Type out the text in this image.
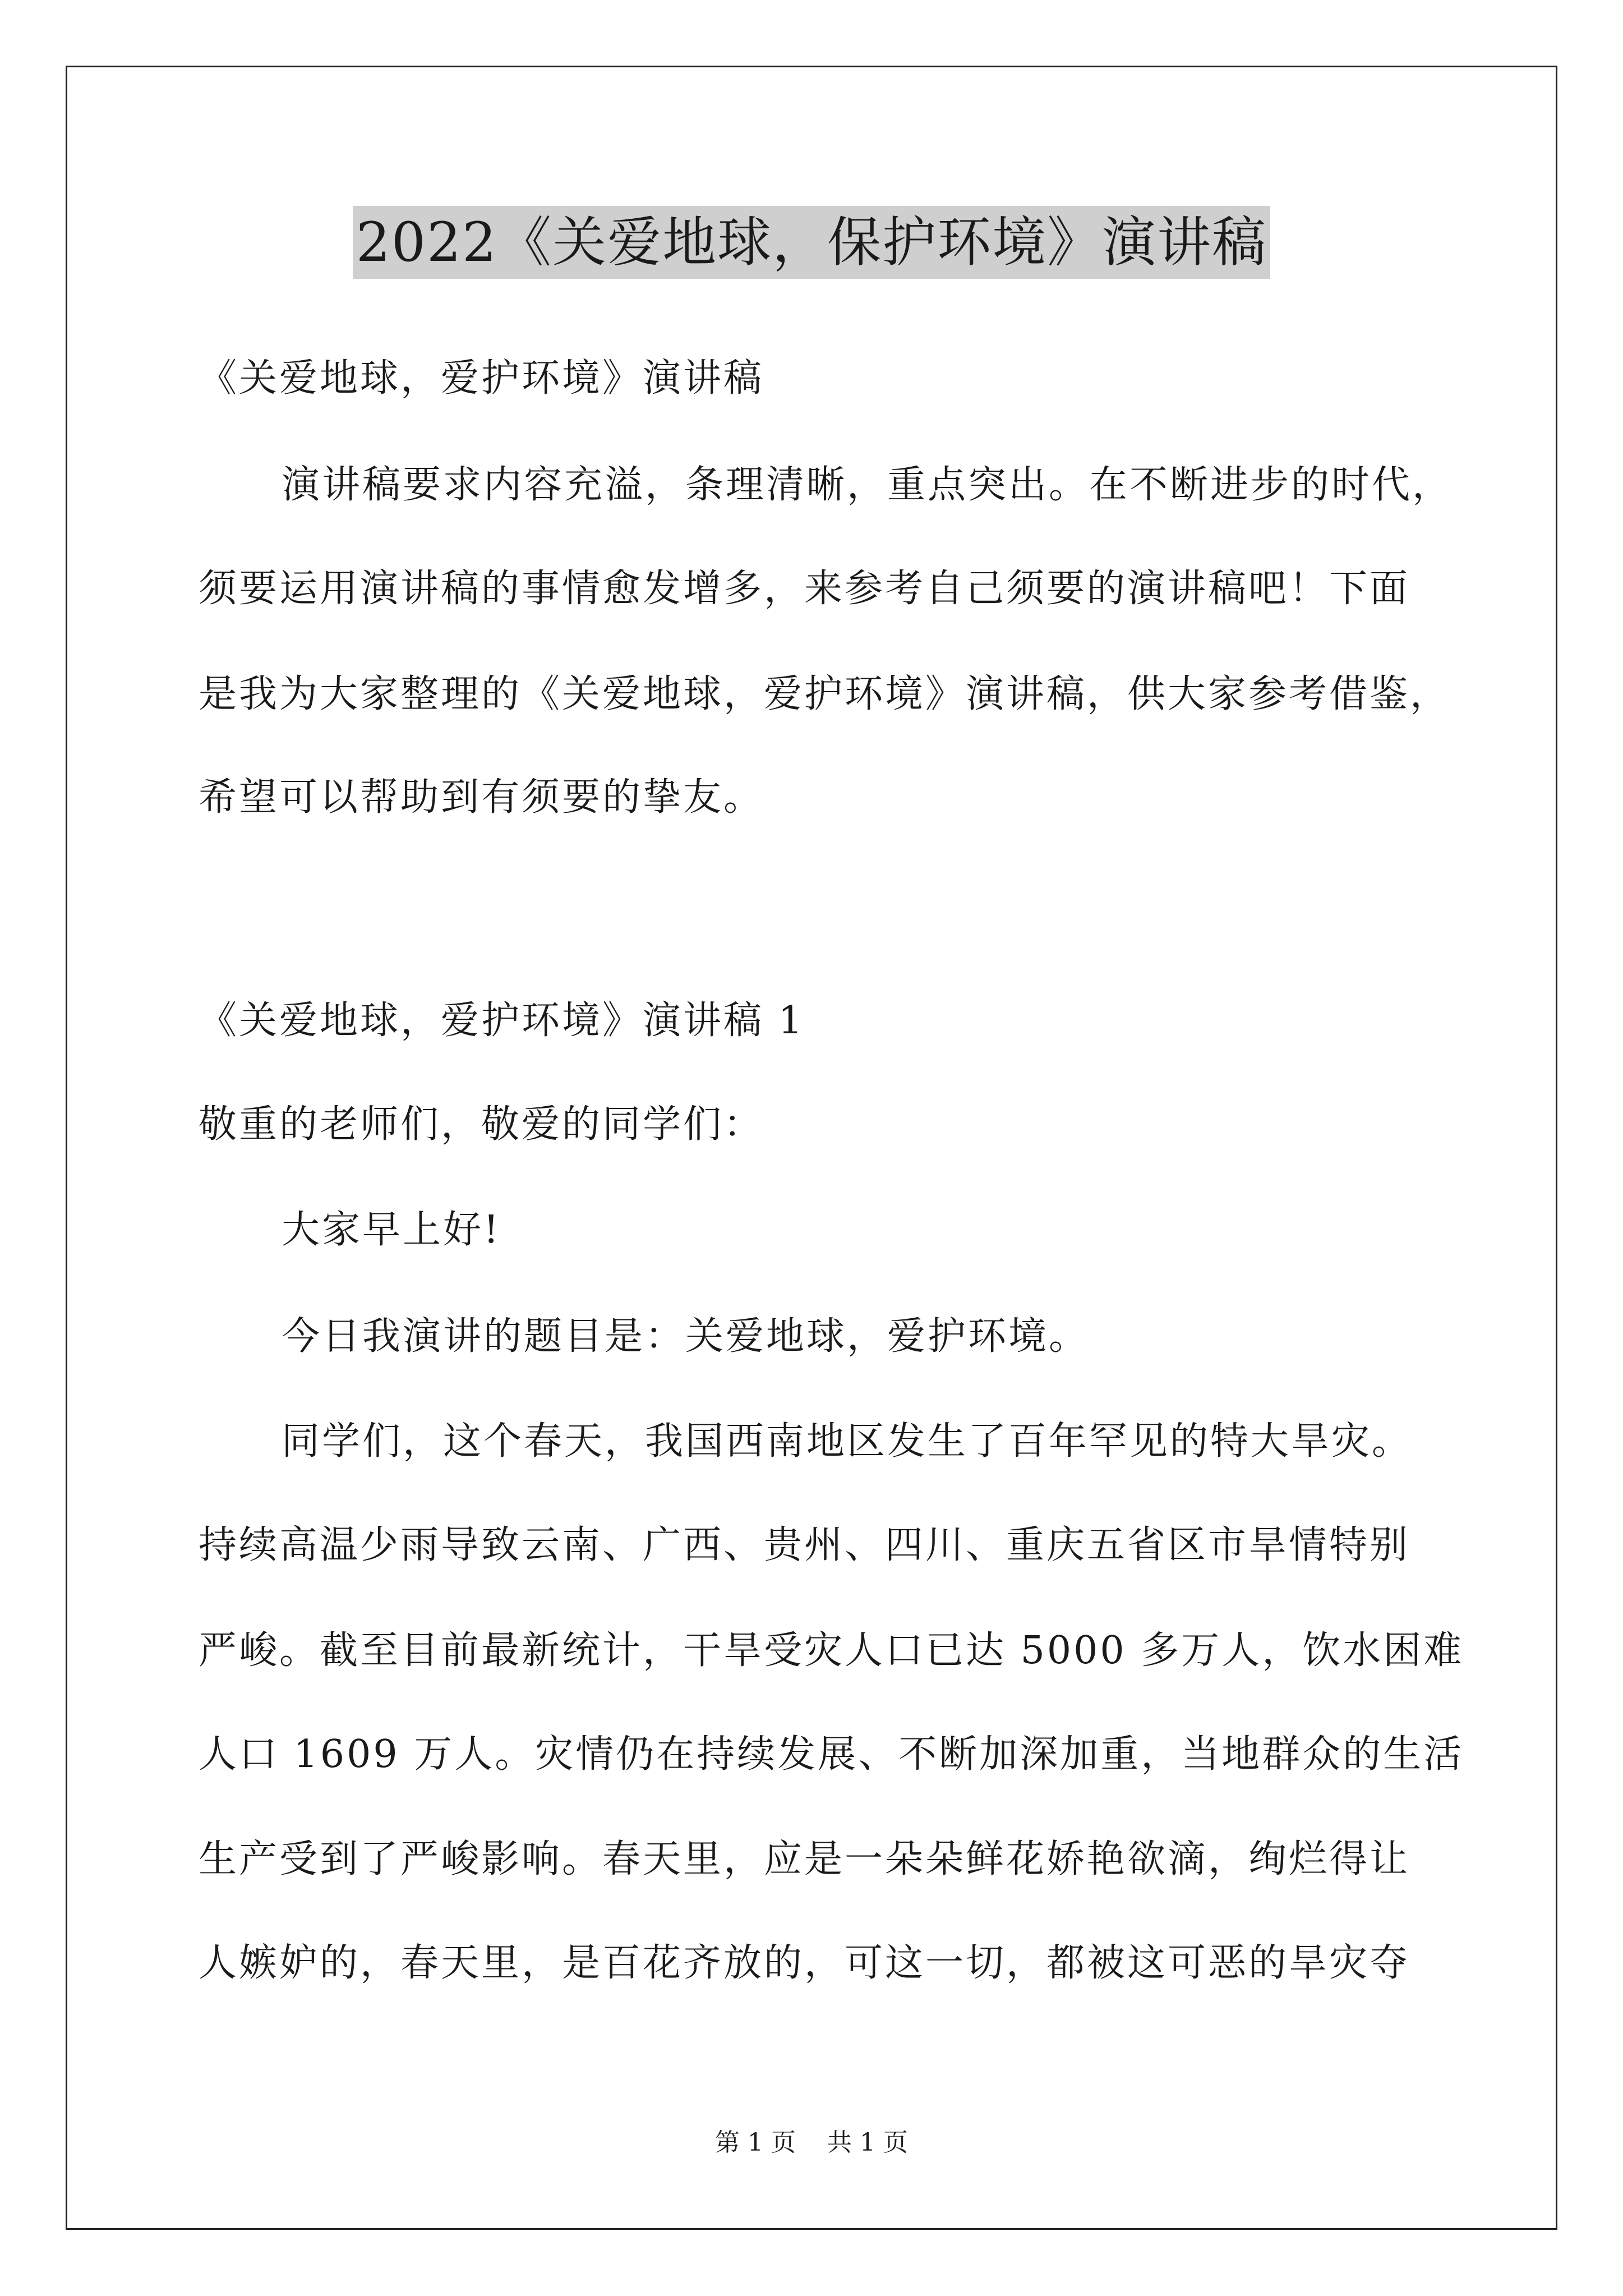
2022《关爱地球，保护环境》演讲稿
《关爱地球，爱护环境》演讲稿
演讲稿要求内容充溢，条理清晰，重点突出。在不断进步的时代，
须要运用演讲稿的事情愈发增多，来参考自己须要的演讲稿吧！下面
是我为大家整理的《关爱地球，爱护环境》演讲稿，供大家参考借鉴，
希望可以帮助到有须要的挚友。
《关爱地球，爱护环境》演讲稿 1
敬重的老师们，敬爱的同学们：
大家早上好!
今日我演讲的题目是：关爱地球，爱护环境。
同学们，这个春天，我国西南地区发生了百年罕见的特大旱灾。
持续高温少雨导致云南、广西、贵州、四川、重庆五省区市旱情特别
严峻。截至目前最新统计，干旱受灾人口已达 5000 多万人，饮水困难
人口 1609 万人。灾情仍在持续发展、不断加深加重，当地群众的生活
生产受到了严峻影响。春天里，应是一朵朵鲜花娇艳欲滴，绚烂得让
人嫉妒的，春天里，是百花齐放的，可这一切，都被这可恶的旱灾夺
第 1 页    共 1 页
